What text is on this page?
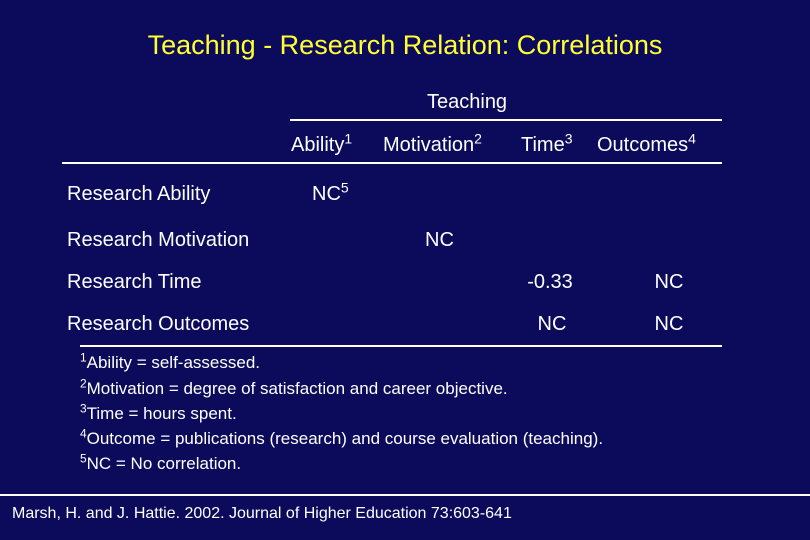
Teaching - Research Relation: Correlations
Teaching
Ability$^1$ Motivation$^2$ Time$^3$ Outcomes$^4$
Research Ability
Research Motivation
Research Time
Research Outcomes
$NC^5$
NC
-0.33	NC
NC	NC
$^1$Ability = self-assessed.
$^2$Motivation = degree of satisfaction and career objective.
$^3$Time = hours spent.
$^4$Outcome = publications (research) and course evaluation (teaching).
$^5$NC = No correlation.
Marsh, H. and J. Hattie. 2002. Journal of Higher Education 73:603-641
